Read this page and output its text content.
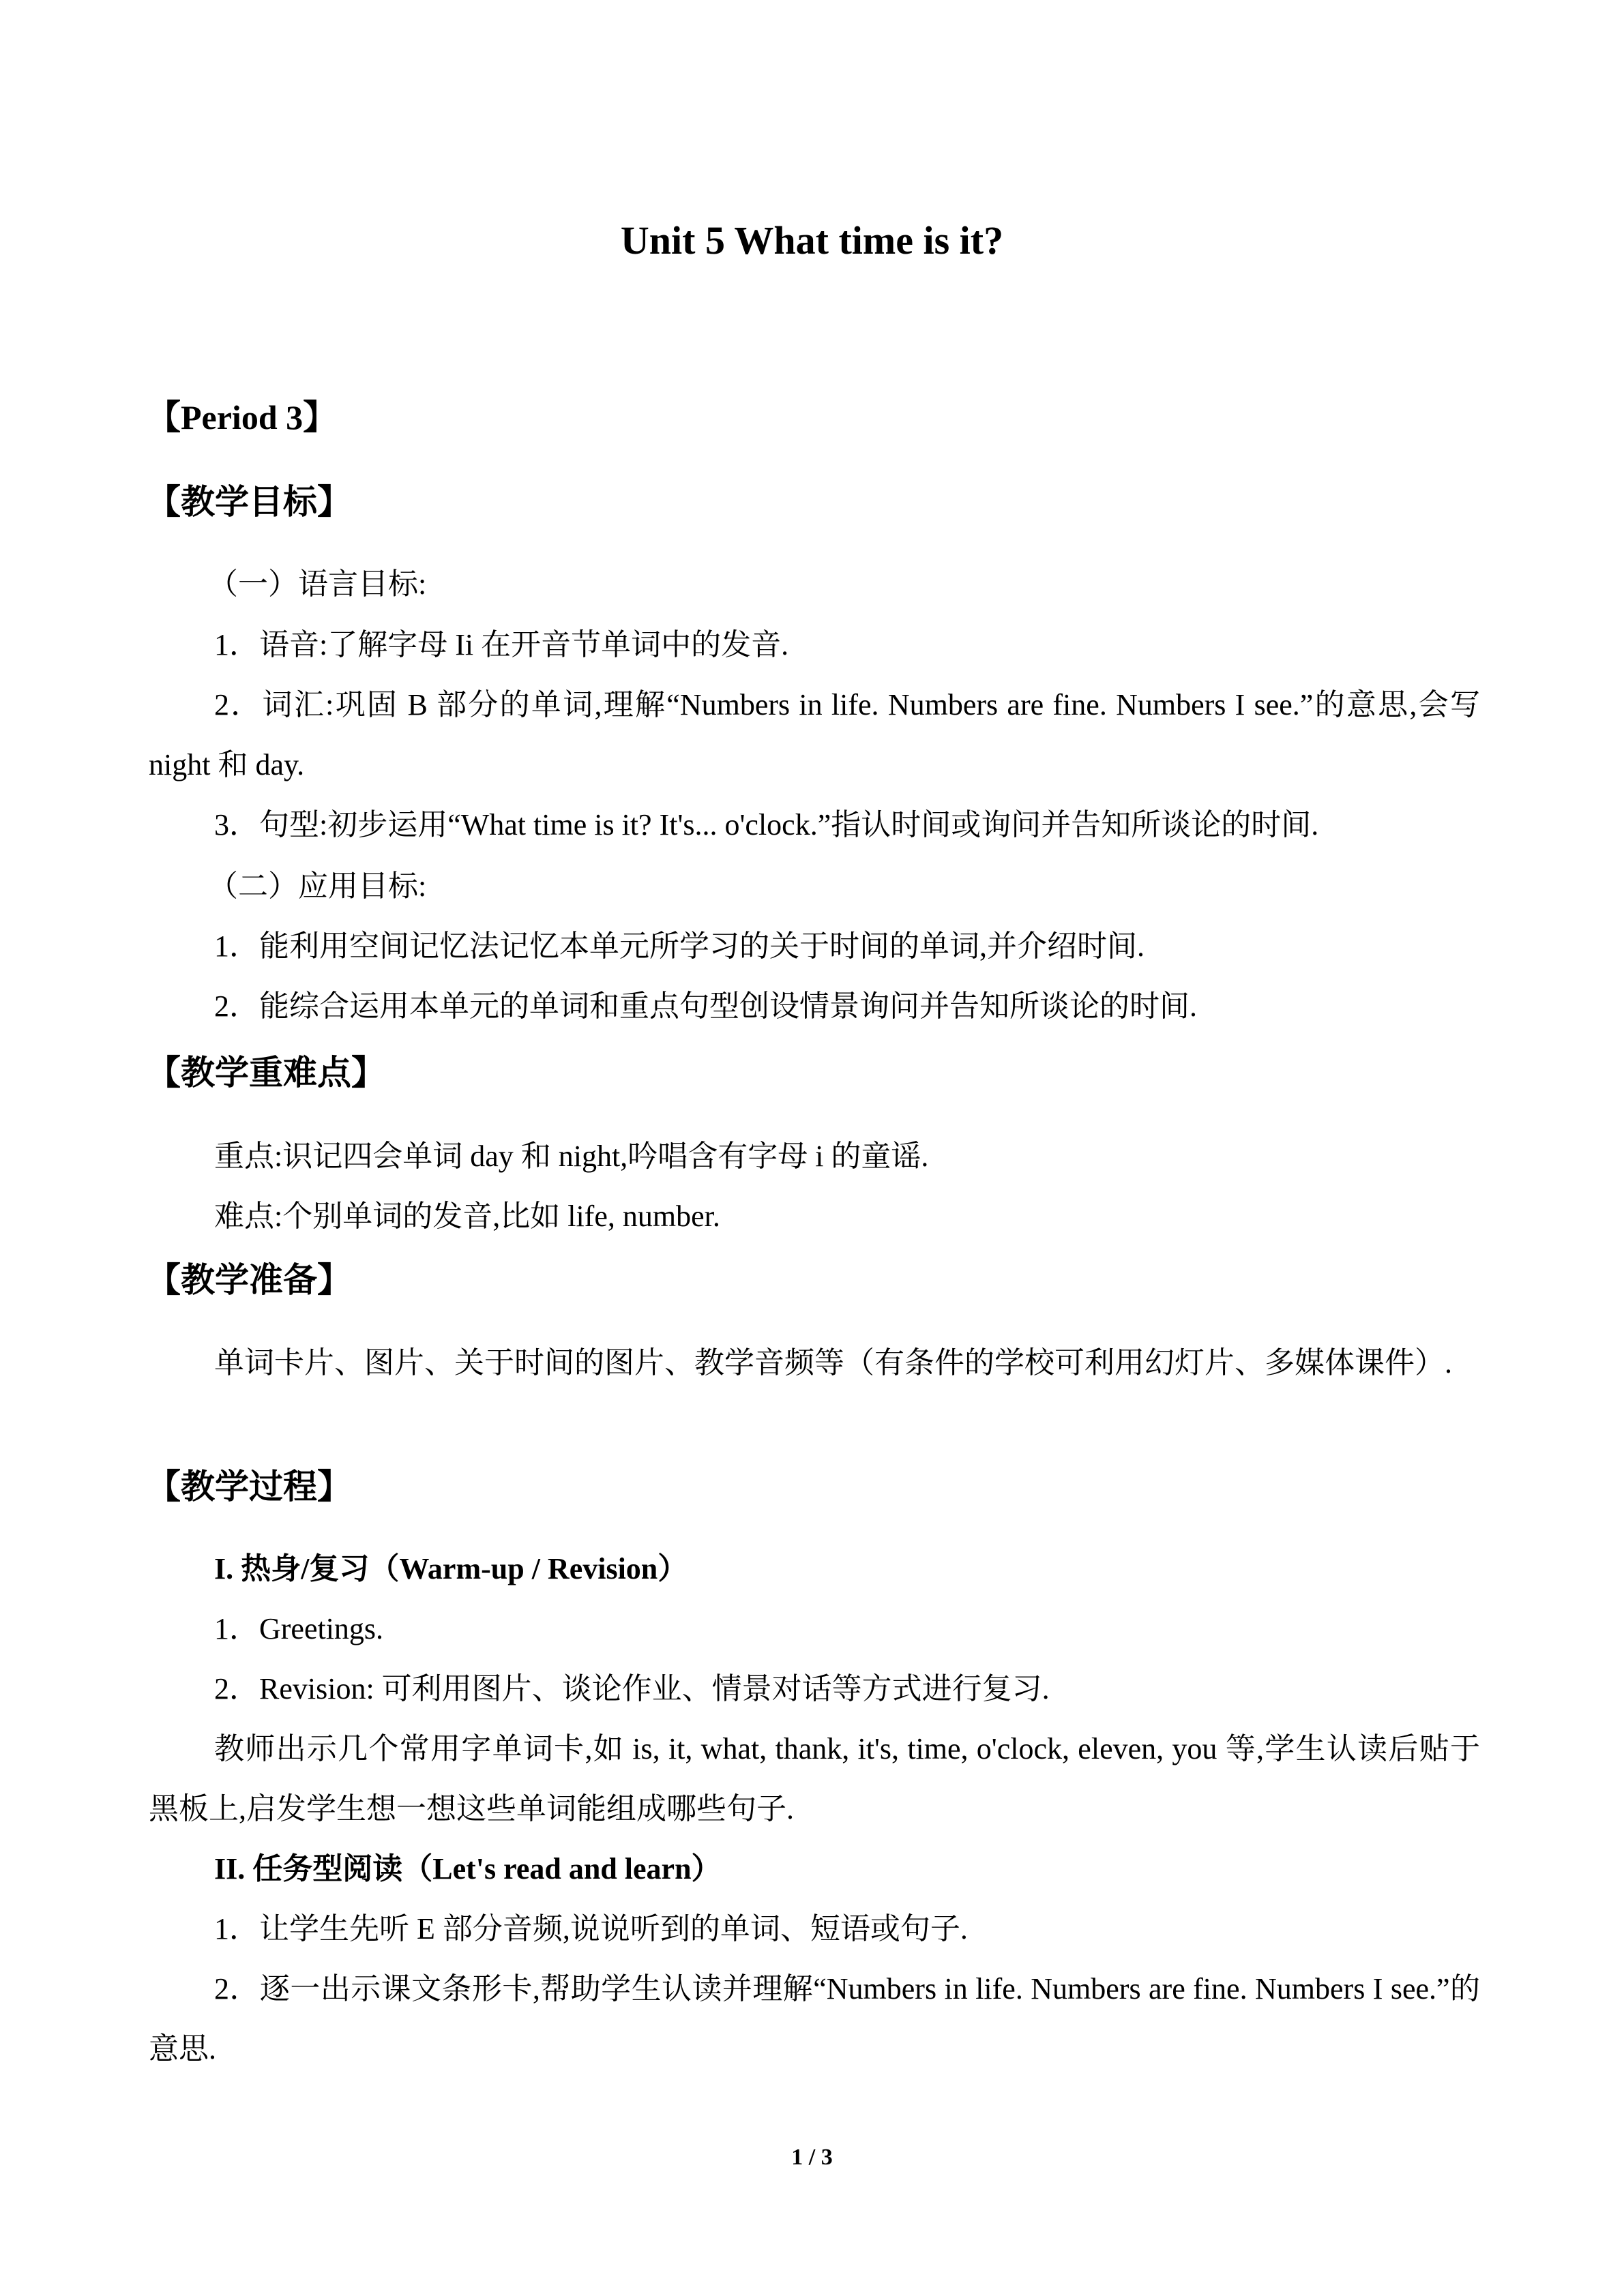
Unit 5 What time is it?
【Period 3】
【教学目标】
（一）语言目标:
1．语音:了解字母 Ii 在开音节单词中的发音.
2．词汇:巩固 B 部分的单词,理解“Numbers in life. Numbers are fine. Numbers I see.”的意思,会写 night 和 day.
3．句型:初步运用“What time is it? It's... o'clock.”指认时间或询问并告知所谈论的时间.
（二）应用目标:
1．能利用空间记忆法记忆本单元所学习的关于时间的单词,并介绍时间.
2．能综合运用本单元的单词和重点句型创设情景询问并告知所谈论的时间.
【教学重难点】
重点:识记四会单词 day 和 night,吟唱含有字母 i 的童谣.
难点:个别单词的发音,比如 life, number.
【教学准备】
单词卡片、图片、关于时间的图片、教学音频等（有条件的学校可利用幻灯片、多媒体课件）.
【教学过程】
I. 热身/复习（Warm-up / Revision）
1．Greetings.
2．Revision: 可利用图片、谈论作业、情景对话等方式进行复习.
教师出示几个常用字单词卡,如 is, it, what, thank, it's, time, o'clock, eleven, you 等,学生认读后贴于黑板上,启发学生想一想这些单词能组成哪些句子.
II. 任务型阅读（Let's read and learn）
1．让学生先听 E 部分音频,说说听到的单词、短语或句子.
2．逐一出示课文条形卡,帮助学生认读并理解“Numbers in life. Numbers are fine. Numbers I see.”的意思.
1 / 3
